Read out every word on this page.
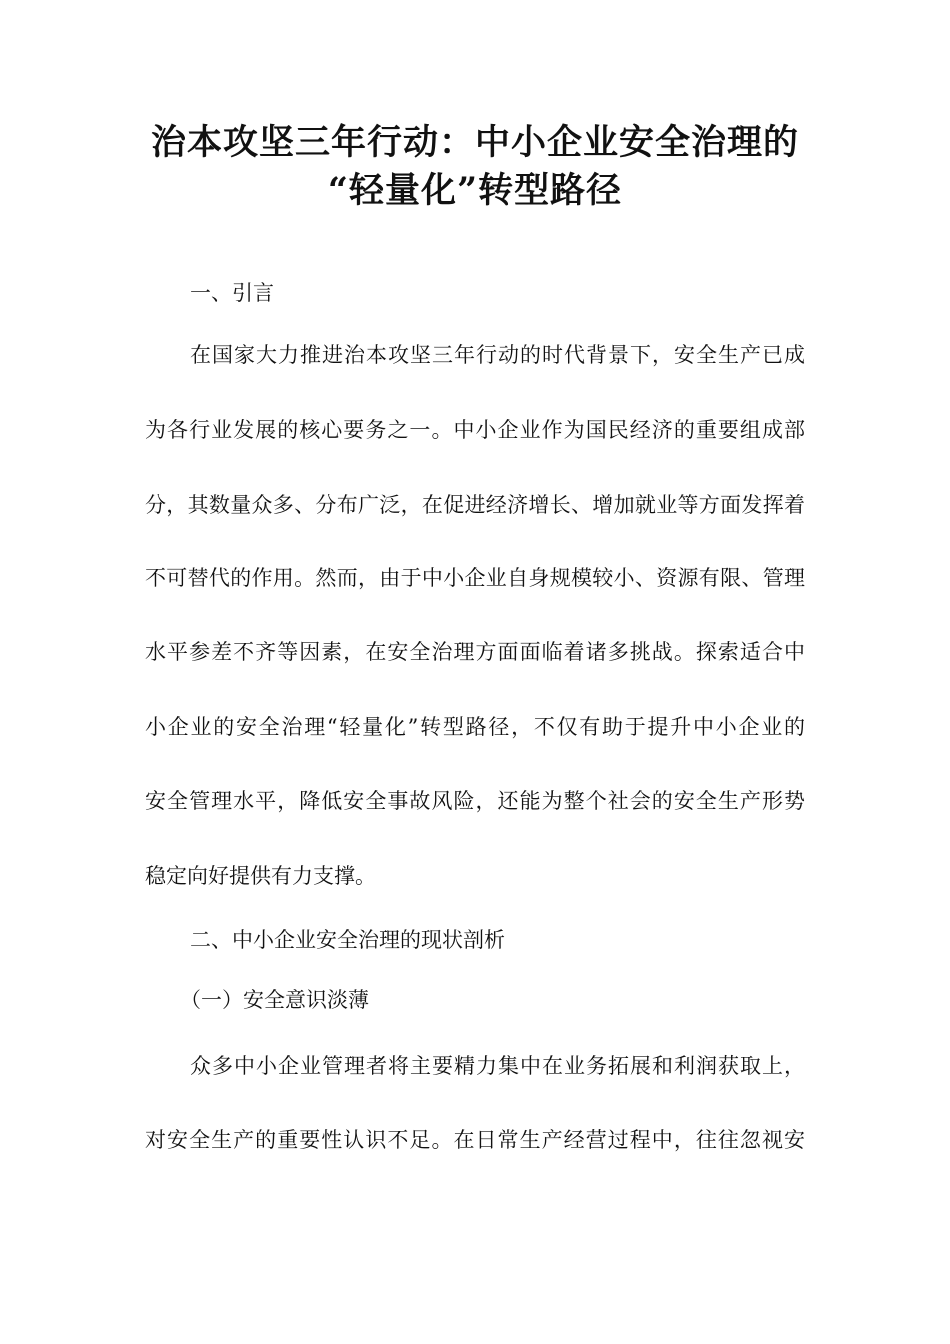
治本攻坚三年行动：中小企业安全治理的
“轻量化”转型路径
一、引言
在国家大力推进治本攻坚三年行动的时代背景下，安全生产已成
为各行业发展的核心要务之一。中小企业作为国民经济的重要组成部
分，其数量众多、分布广泛，在促进经济增长、增加就业等方面发挥着
不可替代的作用。然而，由于中小企业自身规模较小、资源有限、管理
水平参差不齐等因素，在安全治理方面面临着诸多挑战。探索适合中
小企业的安全治理“轻量化”转型路径，不仅有助于提升中小企业的
安全管理水平，降低安全事故风险，还能为整个社会的安全生产形势
稳定向好提供有力支撑。
二、中小企业安全治理的现状剖析
（一）安全意识淡薄
众多中小企业管理者将主要精力集中在业务拓展和利润获取上，
对安全生产的重要性认识不足。在日常生产经营过程中，往往忽视安
